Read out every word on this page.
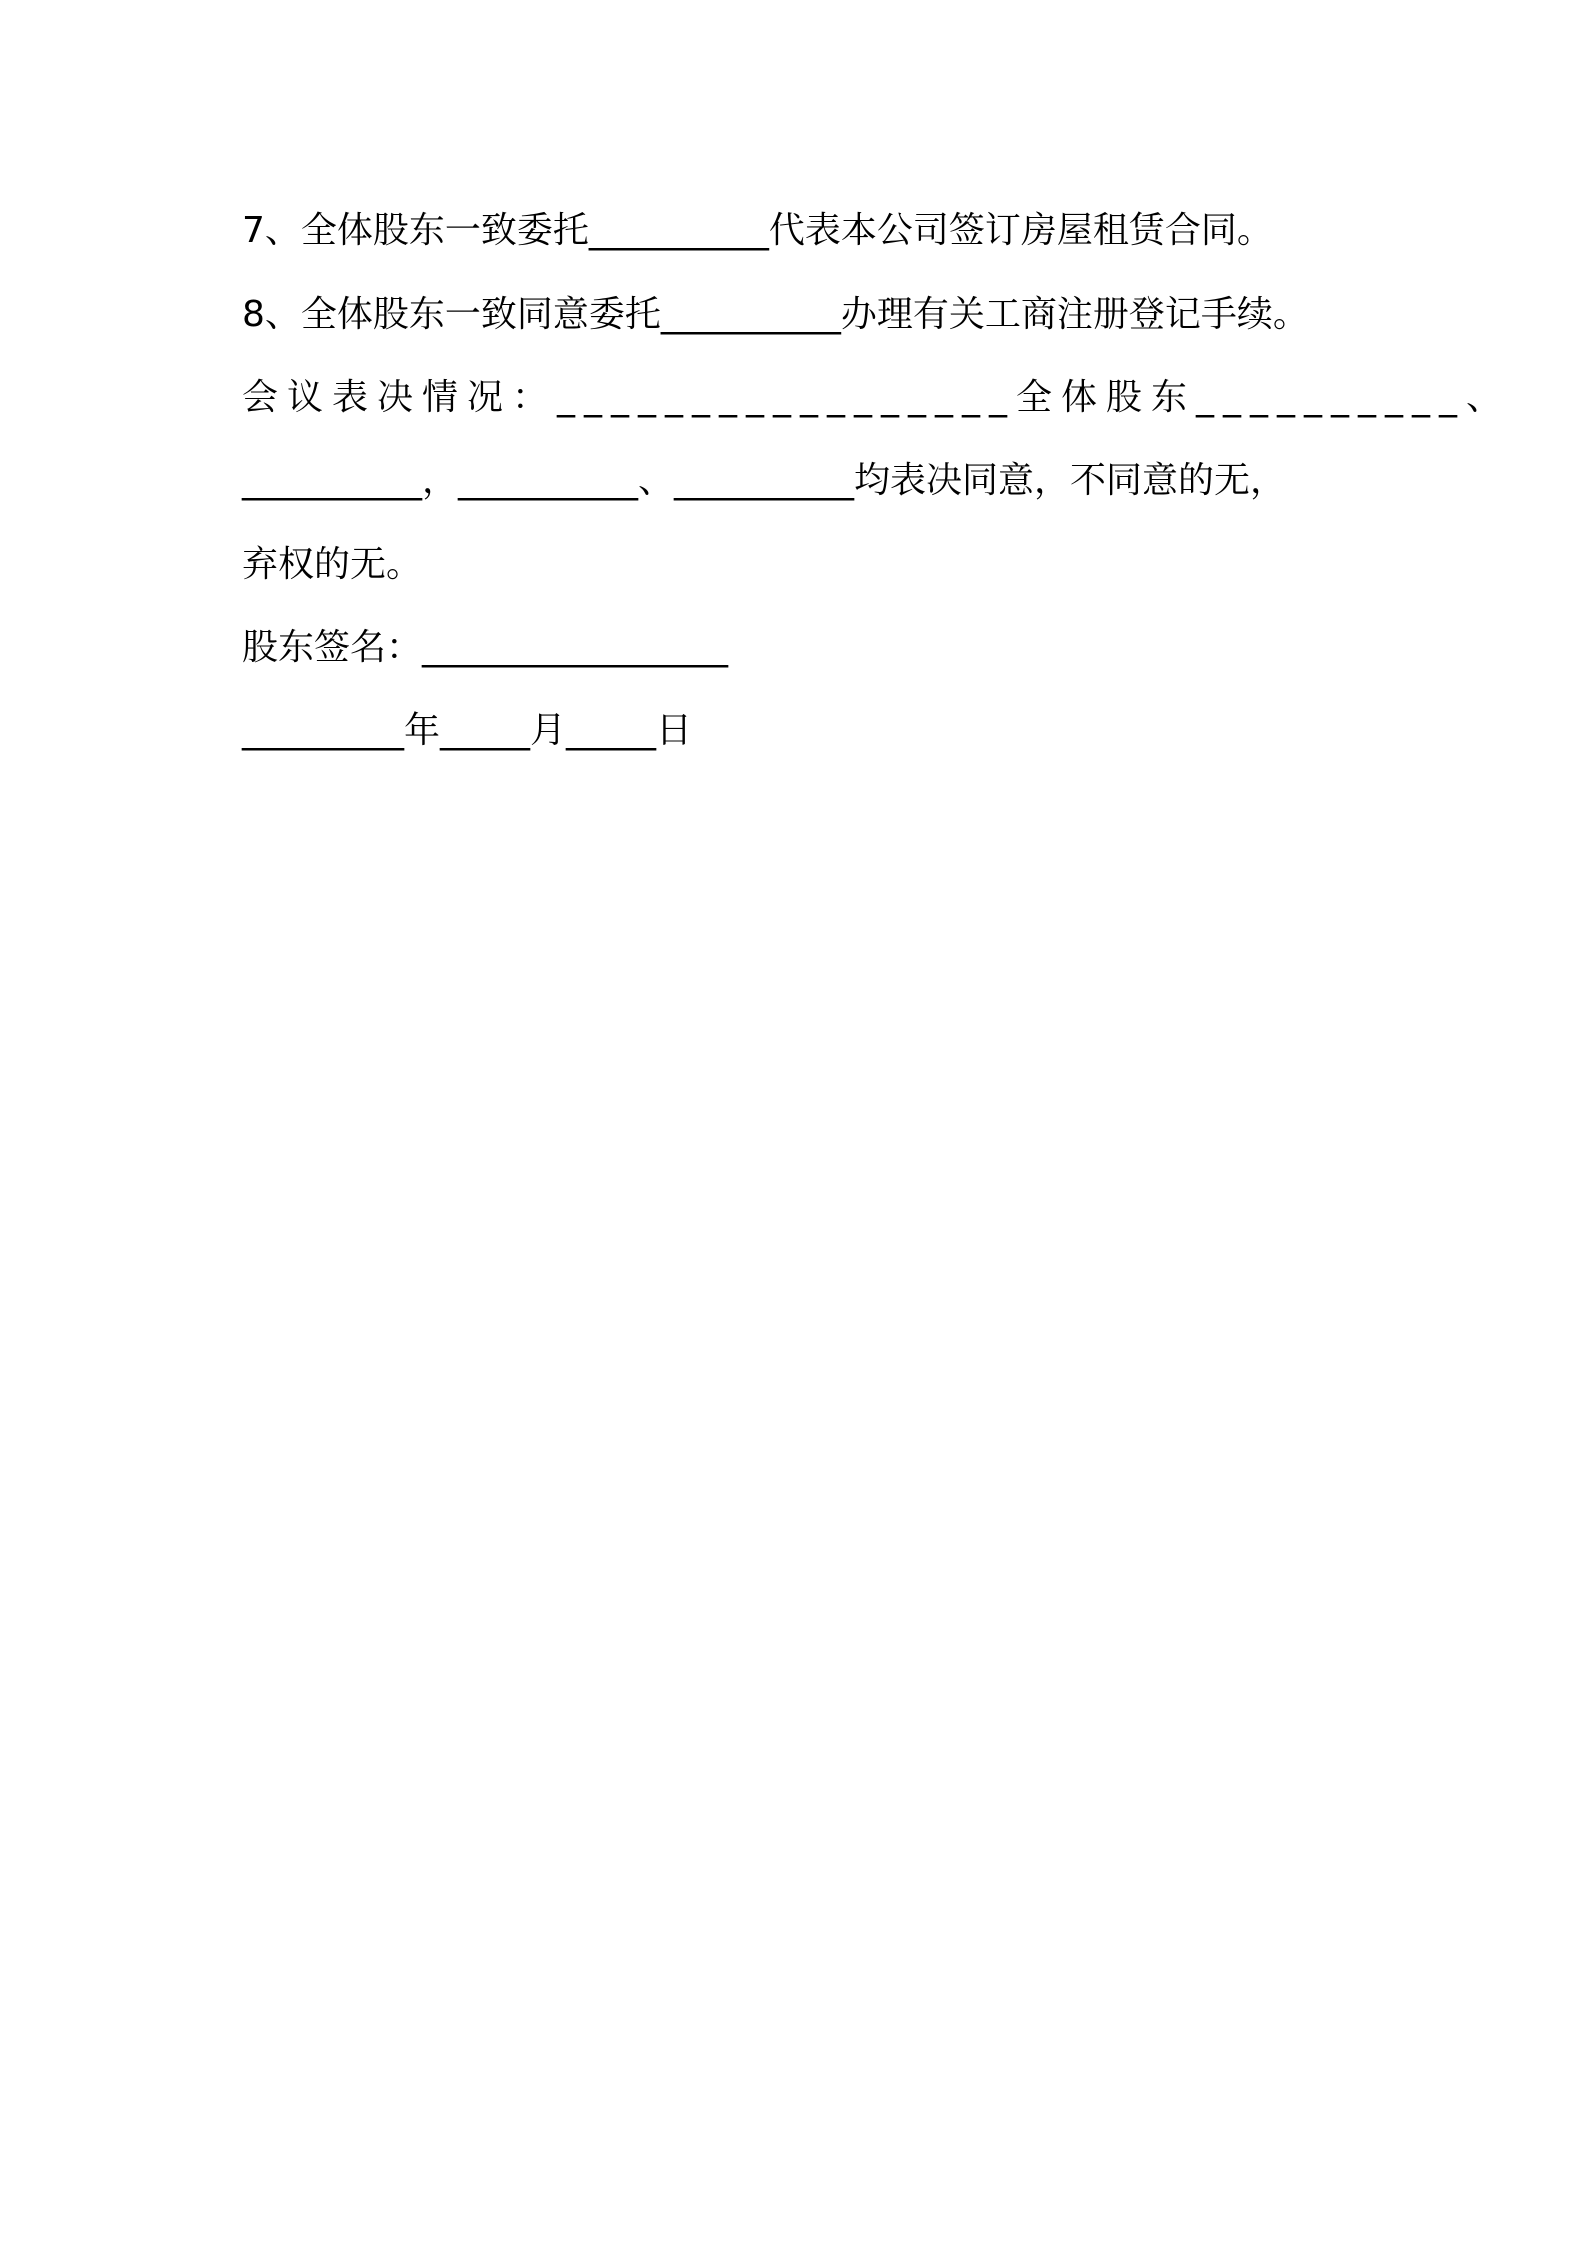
7、全体股东一致委托__________代表本公司签订房屋租赁合同。
8、全体股东一致同意委托__________办理有关工商注册登记手续。
会议表决情况：_________________全体股东__________、
__________，__________、__________均表决同意，不同意的无，
弃权的无。
股东签名：_________________
_________年_____月_____日
